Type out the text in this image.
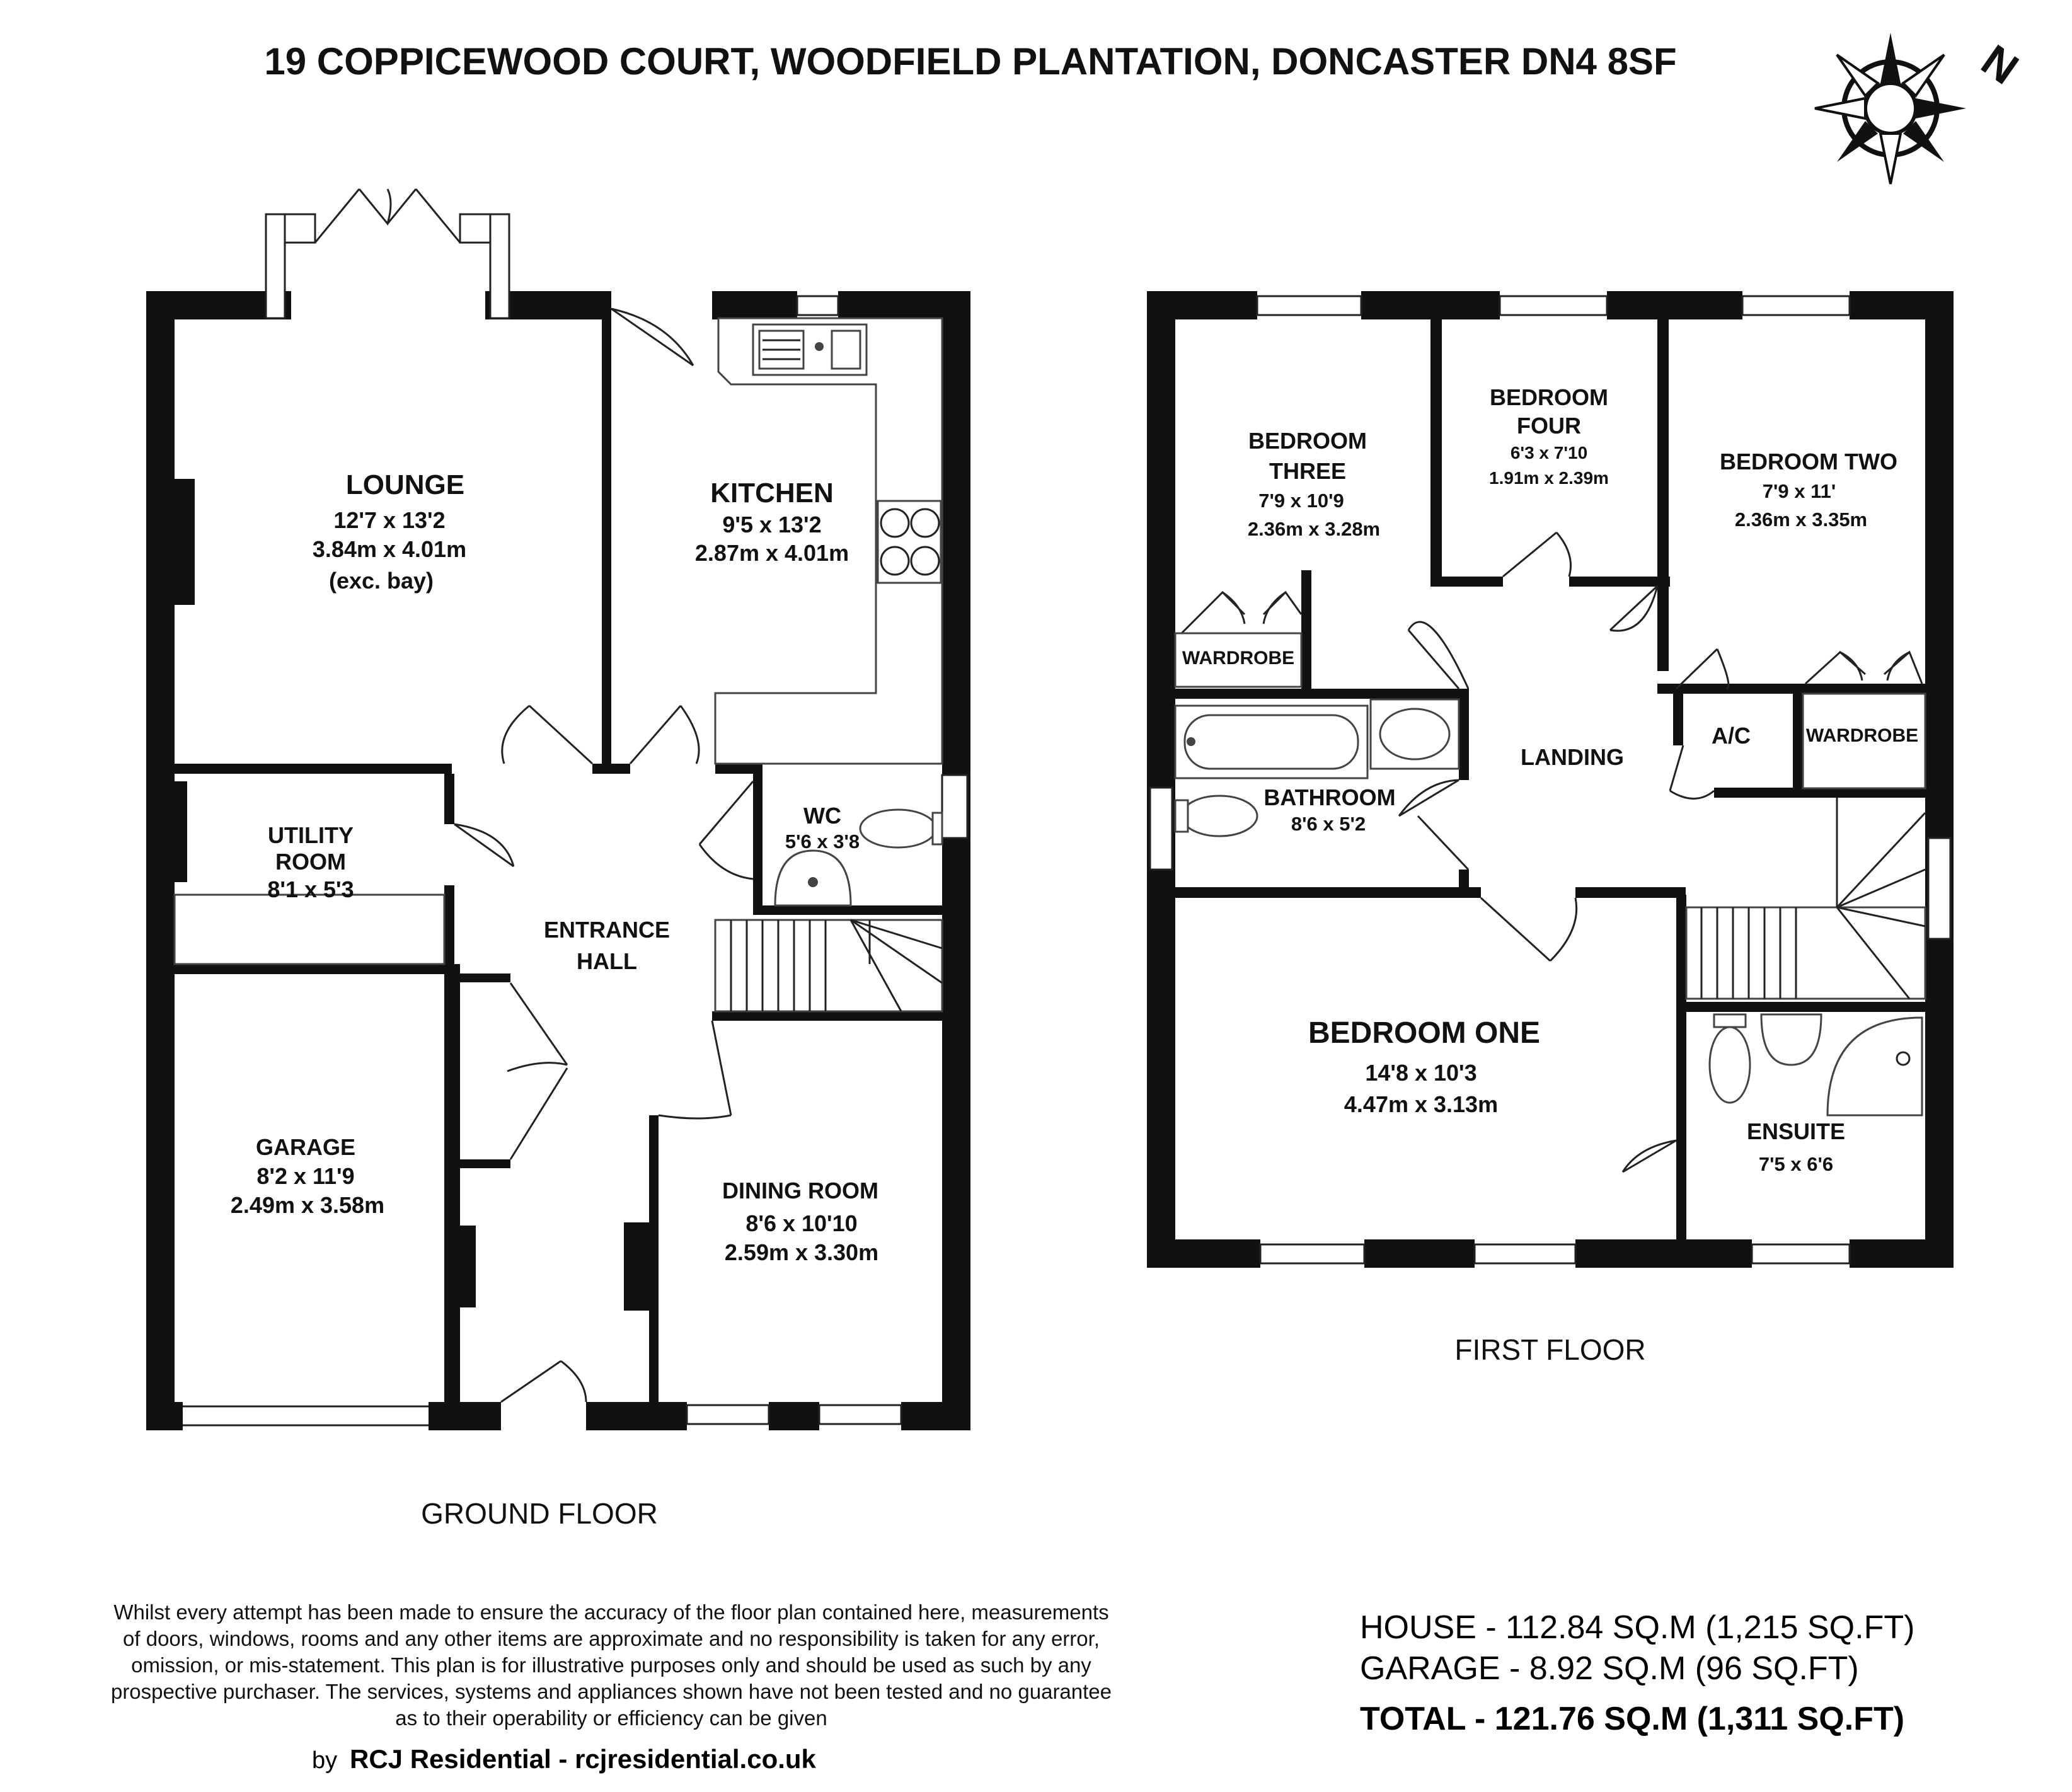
19 COPPICEWOOD COURT, WOODFIELD PLANTATION, DONCASTER DN4 8SF	N
LOUNGE
12'7 x 13'2
3.84m x 4.01m
(exc. bay)
KITCHEN
9'5 x 13'2
2.87m x 4.01m
UTILITY
ROOM
8'1 x 5'3
WC
5'6 x 3'8
ENTRANCE
HALL
GARAGE
8'2 x 11'9
2.49m x 3.58m
DINING ROOM
8'6 x 10'10
2.59m x 3.30m
GROUND FLOOR
BEDROOM
THREE
7'9 x 10'9
2.36m x 3.28m
BEDROOM
FOUR
6'3 x 7'10
1.91m x 2.39m
BEDROOM TWO
7'9 x 11'
2.36m x 3.35m
WARDROBE
WARDROBE
LANDING
A/C
BATHROOM
8'6 x 5'2
BEDROOM ONE
14'8 x 10'3
4.47m x 3.13m
ENSUITE
7'5 x 6'6
FIRST FLOOR
Whilst every attempt has been made to ensure the accuracy of the floor plan contained here, measurements
of doors, windows, rooms and any other items are approximate and no responsibility is taken for any error,
omission, or mis-statement. This plan is for illustrative purposes only and should be used as such by any
prospective purchaser. The services, systems and appliances shown have not been tested and no guarantee
as to their operability or efficiency can be given
by RCJ Residential - rcjresidential.co.uk
HOUSE - 112.84 SQ.M (1,215 SQ.FT)
GARAGE - 8.92 SQ.M (96 SQ.FT)
TOTAL - 121.76 SQ.M (1,311 SQ.FT)
